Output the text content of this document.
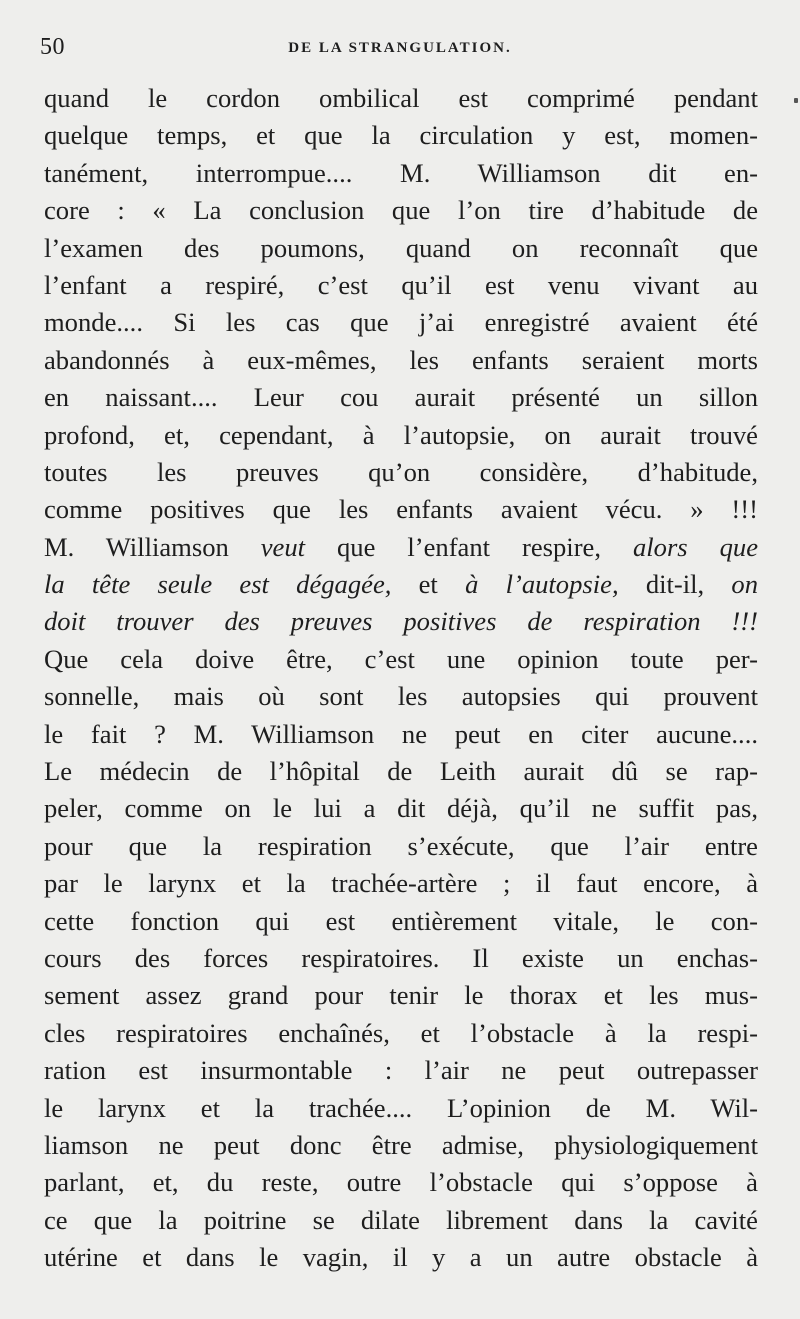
50	DE LA STRANGULATION.
quand le cordon ombilical est comprimé pendant
quelque temps, et que la circulation y est, momen-
tanément, interrompue.... M. Williamson dit en-
core : « La conclusion que l’on tire d’habitude de
l’examen des poumons, quand on reconnaît que
l’enfant a respiré, c’est qu’il est venu vivant au
monde.... Si les cas que j’ai enregistré avaient été
abandonnés à eux-mêmes, les enfants seraient morts
en naissant.... Leur cou aurait présenté un sillon
profond, et, cependant, à l’autopsie, on aurait trouvé
toutes les preuves qu’on considère, d’habitude,
comme positives que les enfants avaient vécu. » !!!
M. Williamson veut que l’enfant respire, alors que
la tête seule est dégagée, et à l’autopsie, dit-il, on
doit trouver des preuves positives de respiration !!!
Que cela doive être, c’est une opinion toute per-
sonnelle, mais où sont les autopsies qui prouvent
le fait ? M. Williamson ne peut en citer aucune....
Le médecin de l’hôpital de Leith aurait dû se rap-
peler, comme on le lui a dit déjà, qu’il ne suffit pas,
pour que la respiration s’exécute, que l’air entre
par le larynx et la trachée-artère ; il faut encore, à
cette fonction qui est entièrement vitale, le con-
cours des forces respiratoires. Il existe un enchas-
sement assez grand pour tenir le thorax et les mus-
cles respiratoires enchaînés, et l’obstacle à la respi-
ration est insurmontable : l’air ne peut outrepasser
le larynx et la trachée.... L’opinion de M. Wil-
liamson ne peut donc être admise, physiologiquement
parlant, et, du reste, outre l’obstacle qui s’oppose à
ce que la poitrine se dilate librement dans la cavité
utérine et dans le vagin, il y a un autre obstacle à
